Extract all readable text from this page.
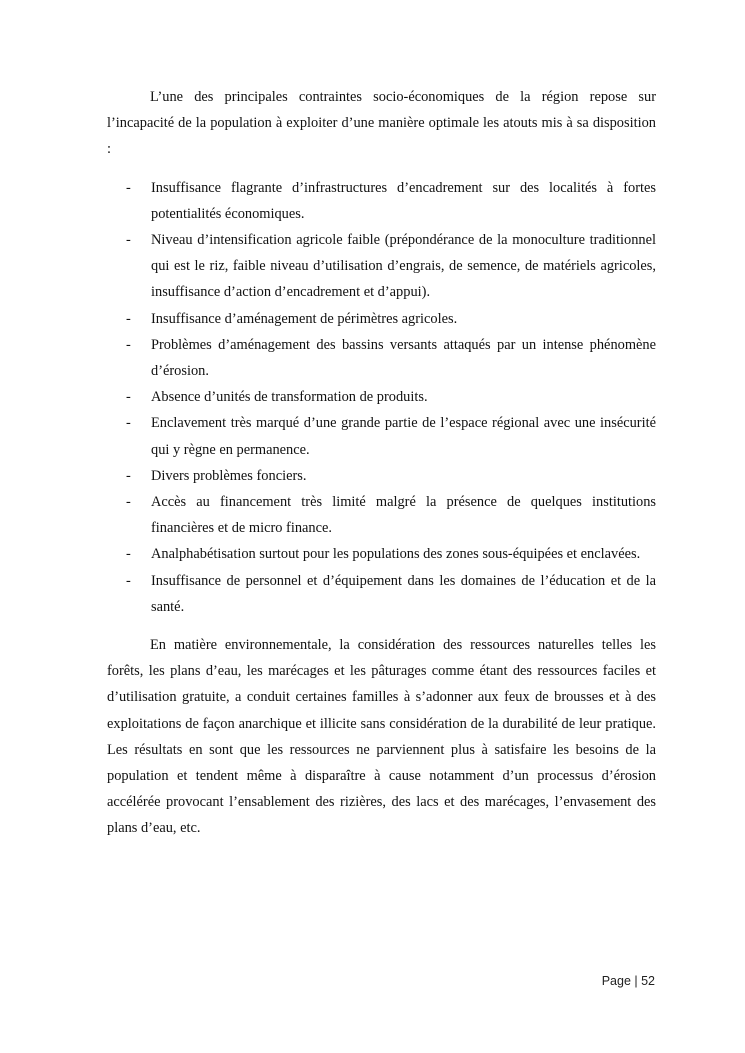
L’une des principales contraintes socio-économiques de la région repose sur l’incapacité de la population à exploiter d’une manière optimale les atouts mis à sa disposition :

- Insuffisance flagrante d’infrastructures d’encadrement sur des localités à fortes potentialités économiques.
- Niveau d’intensification agricole faible (prépondérance de la monoculture traditionnel qui est le riz, faible niveau d’utilisation d’engrais, de semence, de matériels agricoles, insuffisance d’action d’encadrement et d’appui).
- Insuffisance d’aménagement de périmètres agricoles.
- Problèmes d’aménagement des bassins versants attaqués par un intense phénomène d’érosion.
- Absence d’unités de transformation de produits.
- Enclavement très marqué d’une grande partie de l’espace régional avec une insécurité qui y règne en permanence.
- Divers problèmes fonciers.
- Accès au financement très limité malgré la présence de quelques institutions financières et de micro finance.
- Analphabétisation surtout pour les populations des zones sous-équipées et enclavées.
- Insuffisance de personnel et d’équipement dans les domaines de l’éducation et de la santé.

En matière environnementale, la considération des ressources naturelles telles les forêts, les plans d’eau, les marécages et les pâturages comme étant des ressources faciles et d’utilisation gratuite, a conduit certaines familles à s’adonner aux feux de brousses et à des exploitations de façon anarchique et illicite sans considération de la durabilité de leur pratique. Les résultats en sont que les ressources ne parviennent plus à satisfaire les besoins de la population et tendent même à disparaître à cause notamment d’un processus d’érosion accélérée provocant l’ensablement des rizières, des lacs et des marécages, l’envasement des plans d’eau, etc.

Page | 52
